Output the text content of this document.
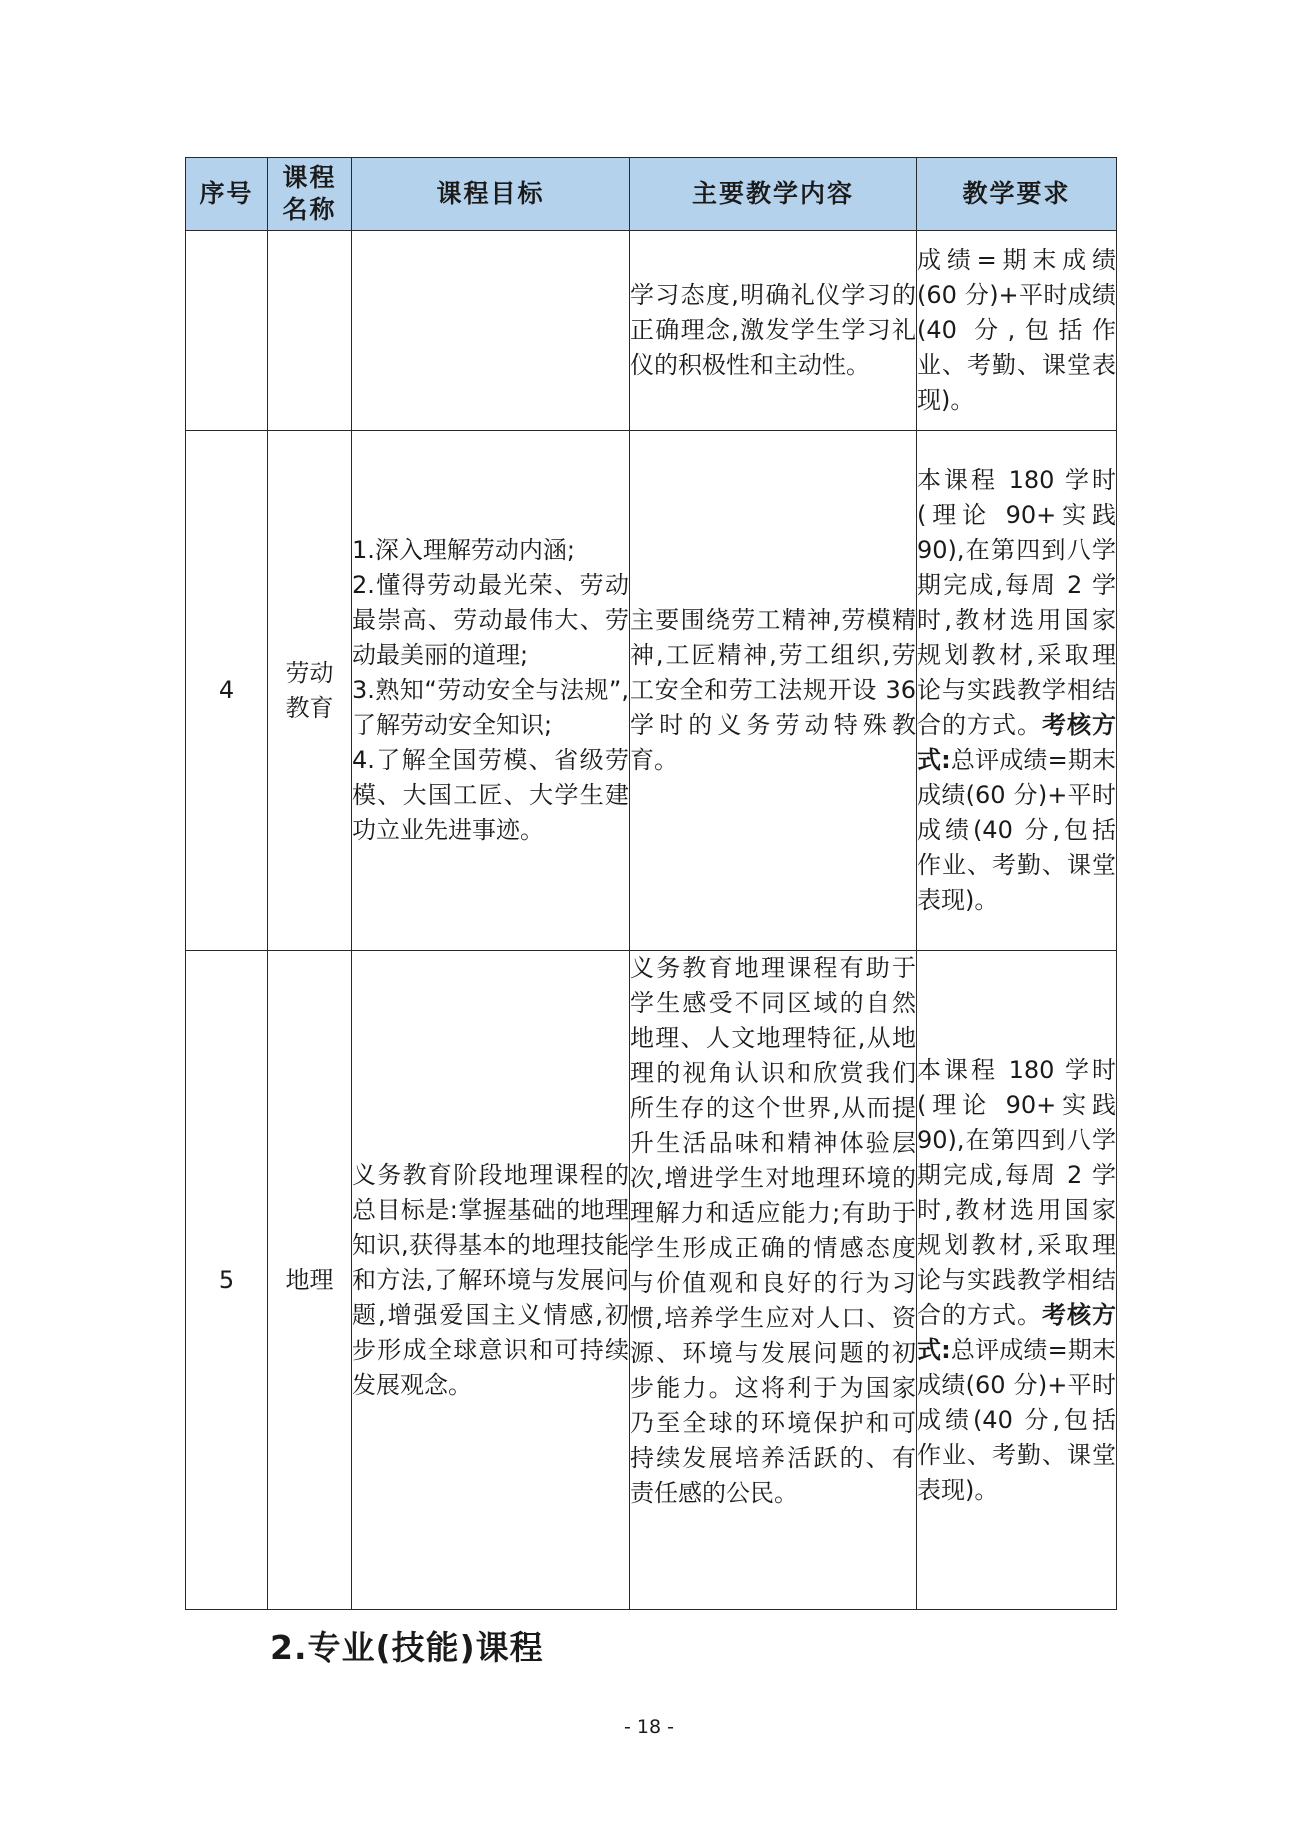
序号	课程名称	课程目标	主要教学内容	教学要求
			学习态度,明确礼仪学习的正确理念,激发学生学习礼仪的积极性和主动性。	成绩=期末成绩(60 分)+平时成绩(40 分,包括作业、考勤、课堂表现)。
4	劳动教育	1.深入理解劳动内涵;
2.懂得劳动最光荣、劳动最崇高、劳动最伟大、劳动最美丽的道理;
3.熟知“劳动安全与法规”,了解劳动安全知识;
4.了解全国劳模、省级劳模、大国工匠、大学生建功立业先进事迹。	主要围绕劳工精神,劳模精神,工匠精神,劳工组织,劳工安全和劳工法规开设 36 学时的义务劳动特殊教育。	本课程 180 学时(理论 90+实践 90),在第四到八学期完成,每周 2 学时,教材选用国家规划教材,采取理论与实践教学相结合的方式。考核方式:总评成绩=期末成绩(60 分)+平时成绩(40 分,包括作业、考勤、课堂表现)。
5	地理	义务教育阶段地理课程的总目标是:掌握基础的地理知识,获得基本的地理技能和方法,了解环境与发展问题,增强爱国主义情感,初步形成全球意识和可持续发展观念。	义务教育地理课程有助于学生感受不同区域的自然地理、人文地理特征,从地理的视角认识和欣赏我们所生存的这个世界,从而提升生活品味和精神体验层次,增进学生对地理环境的理解力和适应能力;有助于学生形成正确的情感态度与价值观和良好的行为习惯,培养学生应对人口、资源、环境与发展问题的初步能力。这将利于为国家乃至全球的环境保护和可持续发展培养活跃的、有责任感的公民。	本课程 180 学时(理论 90+实践 90),在第四到八学期完成,每周 2 学时,教材选用国家规划教材,采取理论与实践教学相结合的方式。考核方式:总评成绩=期末成绩(60 分)+平时成绩(40 分,包括作业、考勤、课堂表现)。
2.专业(技能)课程
- 18 -
